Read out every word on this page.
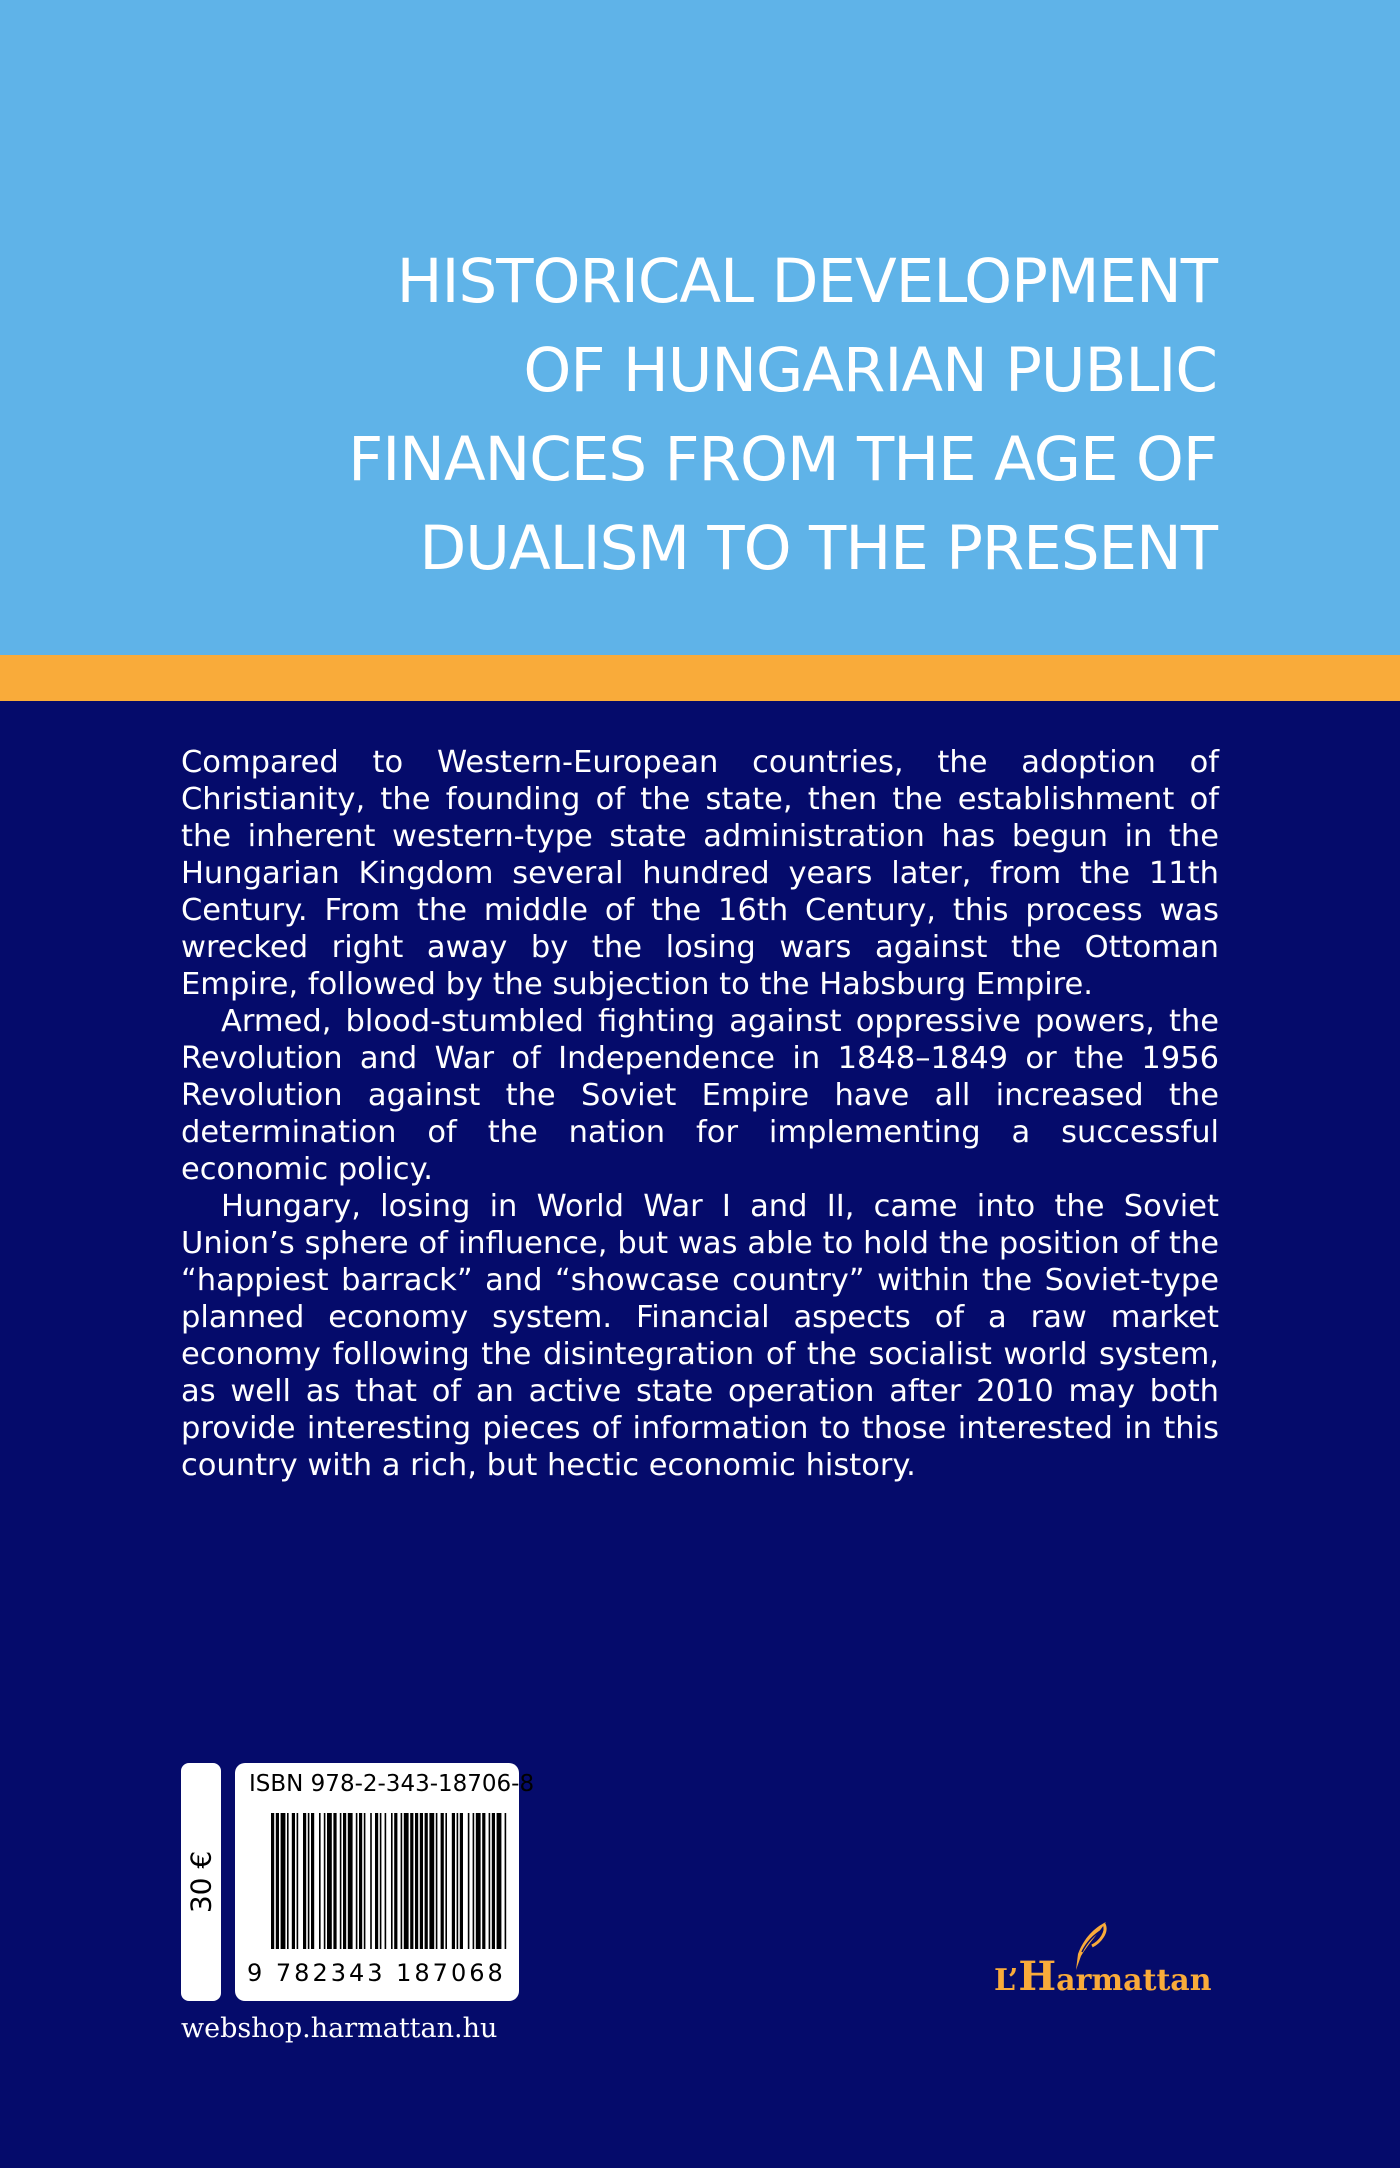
HISTORICAL DEVELOPMENT
OF HUNGARIAN PUBLIC
FINANCES FROM THE AGE OF
DUALISM TO THE PRESENT

Compared to Western-European countries, the adoption of Christianity, the founding of the state, then the establishment of the inherent western-type state administration has begun in the Hungarian Kingdom several hundred years later, from the 11th Century. From the middle of the 16th Century, this process was wrecked right away by the losing wars against the Ottoman Empire, followed by the subjection to the Habsburg Empire.

Armed, blood-stumbled fighting against oppressive powers, the Revolution and War of Independence in 1848–1849 or the 1956 Revolution against the Soviet Empire have all increased the determination of the nation for implementing a successful economic policy.

Hungary, losing in World War I and II, came into the Soviet Union’s sphere of influence, but was able to hold the position of the “happiest barrack” and “showcase country” within the Soviet-type planned economy system. Financial aspects of a raw market economy following the disintegration of the socialist world system, as well as that of an active state operation after 2010 may both provide interesting pieces of information to those interested in this country with a rich, but hectic economic history.

30 €
ISBN 978-2-343-18706-8
9 782343 187068
webshop.harmattan.hu
L’Harmattan
